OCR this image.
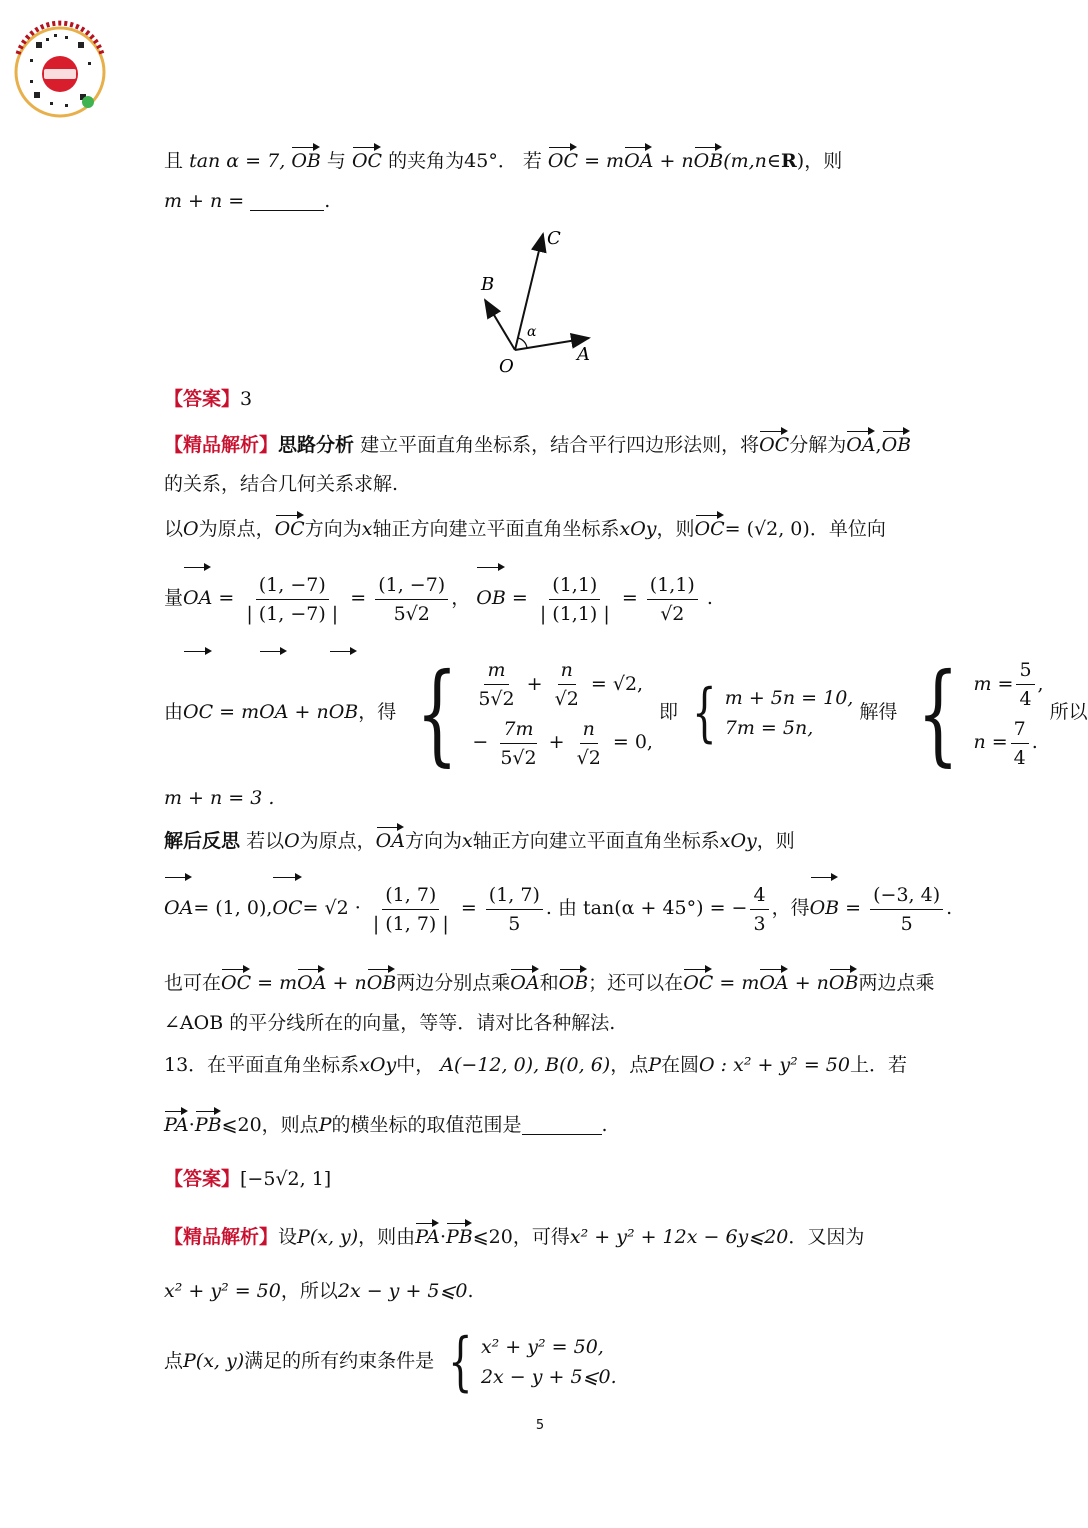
且 tan α = 7, OB 与 OC 的夹角为45°． 若 OC = mOA + nOB(m,n∈R)，则
m + n =	.
C
B
α
O
A
【答案】3
【精品解析】思路分析 建立平面直角坐标系，结合平行四边形法则，将OC分解为OA,OB
的关系，结合几何关系求解.
以O为原点，OC方向为x轴正方向建立平面直角坐标系xOy，则OC= (√2, 0)．单位向
量OA = $\frac{(1, -7)}{| (1, -7) |} = \frac{(1, -7)}{5√2}$ ， OB = $\frac{(1,1)}{| (1,1) |} = \frac{(1,1)}{√2}$ .
由OC = mOA + nOB，得 { $\frac{m}{5√2} + \frac{n}{√2} = √2$,
− $\frac{7m}{5√2} + \frac{n}{√2} = 0$,
即 { m + 5n = 10,
7m = 5n,
解得 { $m = \frac{5}{4}$ ,
$n = \frac{7}{4}$ .
所以
m + n = 3 .
解后反思 若以O为原点，OA方向为x轴正方向建立平面直角坐标系xOy，则
OA= (1, $0),OC= √2 \cdot \frac{(1, 7)}{| (1, 7) |} = \frac{(1, 7)}{5}$ . 由 tan(α + 45°) = − $\frac{4}{3}$ ，得OB = $\frac{(-3, 4)}{5}$ .
也可在OC = mOA + nOB两边分别点乘OA和OB；还可以在OC = mOA + nOB两边点乘
∠AOB 的平分线所在的向量，等等．请对比各种解法.
13．在平面直角坐标系xOy中， A(−12, 0), B(0, 6)，点P在圆O : x² + y² = 50上．若
PA·PB⩽20，则点P的横坐标的取值范围是	.
【答案】[−5√2, 1]
【精品解析】设P(x, y)，则由PA·PB⩽20，可得x² + y² + 12x − 6y⩽20．又因为
x² + y² = 50，所以2x − y + 5⩽0.
点P(x, y)满足的所有约束条件是 { x² + y² = 50,
2x − y + 5⩽0.
5
